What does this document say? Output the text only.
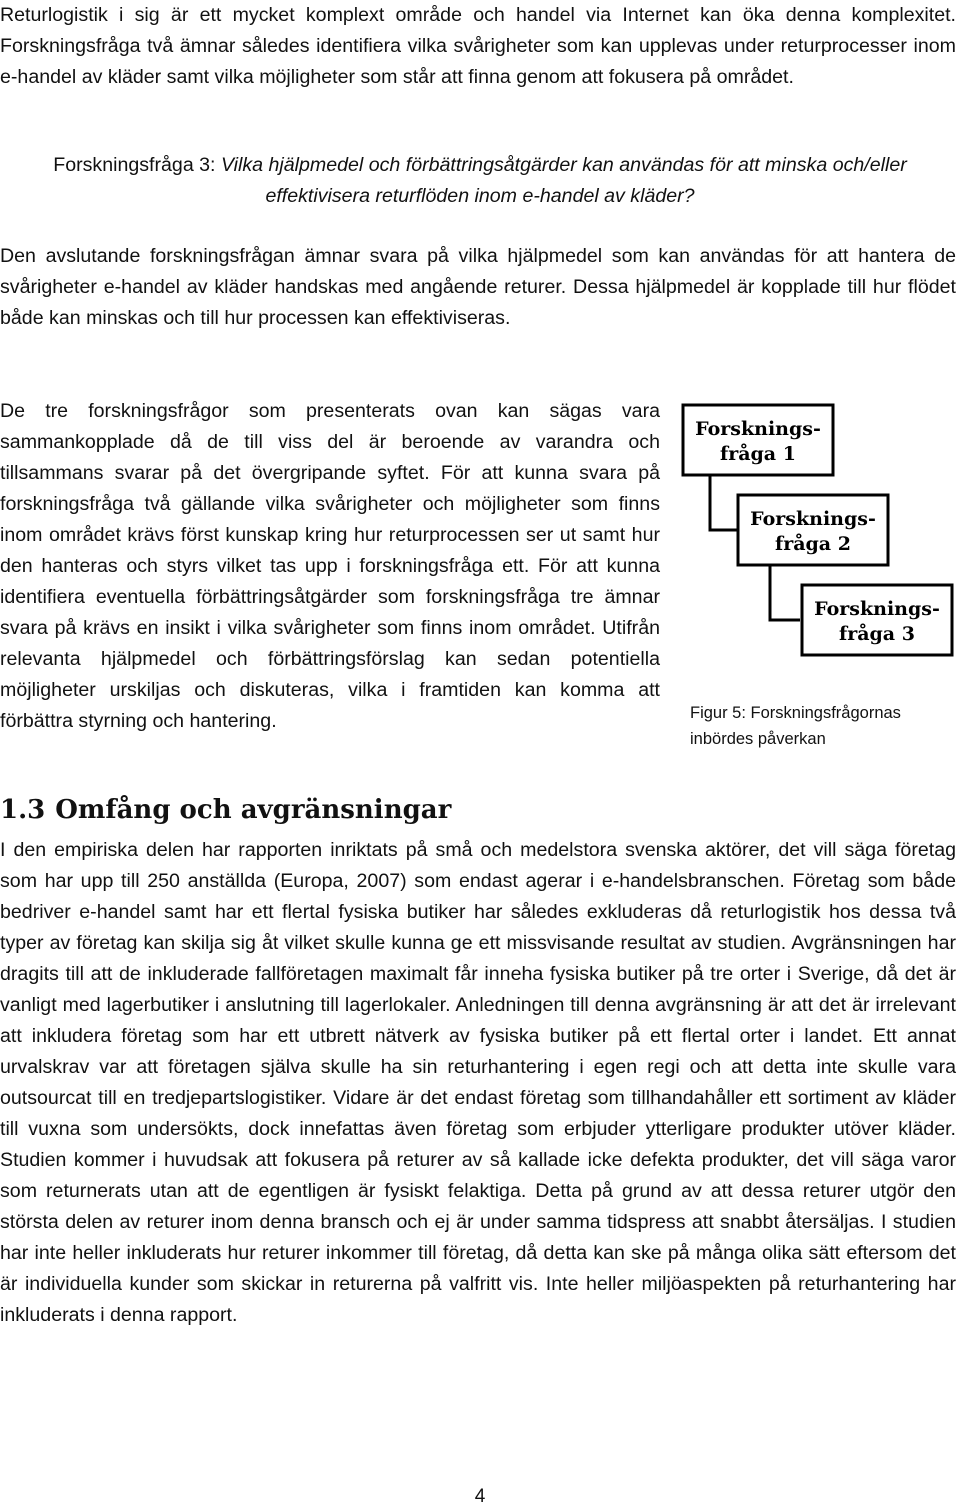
Returlogistik i sig är ett mycket komplext område och handel via Internet kan öka denna komplexitet. Forskningsfråga två ämnar således identifiera vilka svårigheter som kan upplevas under returprocesser inom e-handel av kläder samt vilka möjligheter som står att finna genom att fokusera på området.

Forskningsfråga 3: Vilka hjälpmedel och förbättringsåtgärder kan användas för att minska och/eller effektivisera returflöden inom e-handel av kläder?

Den avslutande forskningsfrågan ämnar svara på vilka hjälpmedel som kan användas för att hantera de svårigheter e-handel av kläder handskas med angående returer. Dessa hjälpmedel är kopplade till hur flödet både kan minskas och till hur processen kan effektiviseras.

De tre forskningsfrågor som presenterats ovan kan sägas vara sammankopplade då de till viss del är beroende av varandra och tillsammans svarar på det övergripande syftet. För att kunna svara på forskningsfråga två gällande vilka svårigheter och möjligheter som finns inom området krävs först kunskap kring hur returprocessen ser ut samt hur den hanteras och styrs vilket tas upp i forskningsfråga ett. För att kunna identifiera eventuella förbättringsåtgärder som forskningsfråga tre ämnar svara på krävs en insikt i vilka svårigheter som finns inom området. Utifrån relevanta hjälpmedel och förbättringsförslag kan sedan potentiella möjligheter urskiljas och diskuteras, vilka i framtiden kan komma att förbättra styrning och hantering.

Forsknings-
fråga 1
Forsknings-
fråga 2
Forsknings-
fråga 3

Figur 5: Forskningsfrågornas inbördes påverkan

1.3 Omfång och avgränsningar

I den empiriska delen har rapporten inriktats på små och medelstora svenska aktörer, det vill säga företag som har upp till 250 anställda (Europa, 2007) som endast agerar i e-handelsbranschen. Företag som både bedriver e-handel samt har ett flertal fysiska butiker har således exkluderas då returlogistik hos dessa två typer av företag kan skilja sig åt vilket skulle kunna ge ett missvisande resultat av studien. Avgränsningen har dragits till att de inkluderade fallföretagen maximalt får inneha fysiska butiker på tre orter i Sverige, då det är vanligt med lagerbutiker i anslutning till lagerlokaler. Anledningen till denna avgränsning är att det är irrelevant att inkludera företag som har ett utbrett nätverk av fysiska butiker på ett flertal orter i landet. Ett annat urvalskrav var att företagen själva skulle ha sin returhantering i egen regi och att detta inte skulle vara outsourcat till en tredjepartslogistiker. Vidare är det endast företag som tillhandahåller ett sortiment av kläder till vuxna som undersökts, dock innefattas även företag som erbjuder ytterligare produkter utöver kläder. Studien kommer i huvudsak att fokusera på returer av så kallade icke defekta produkter, det vill säga varor som returnerats utan att de egentligen är fysiskt felaktiga. Detta på grund av att dessa returer utgör den största delen av returer inom denna bransch och ej är under samma tidspress att snabbt återsäljas. I studien har inte heller inkluderats hur returer inkommer till företag, då detta kan ske på många olika sätt eftersom det är individuella kunder som skickar in returerna på valfritt vis. Inte heller miljöaspekten på returhantering har inkluderats i denna rapport.

4
